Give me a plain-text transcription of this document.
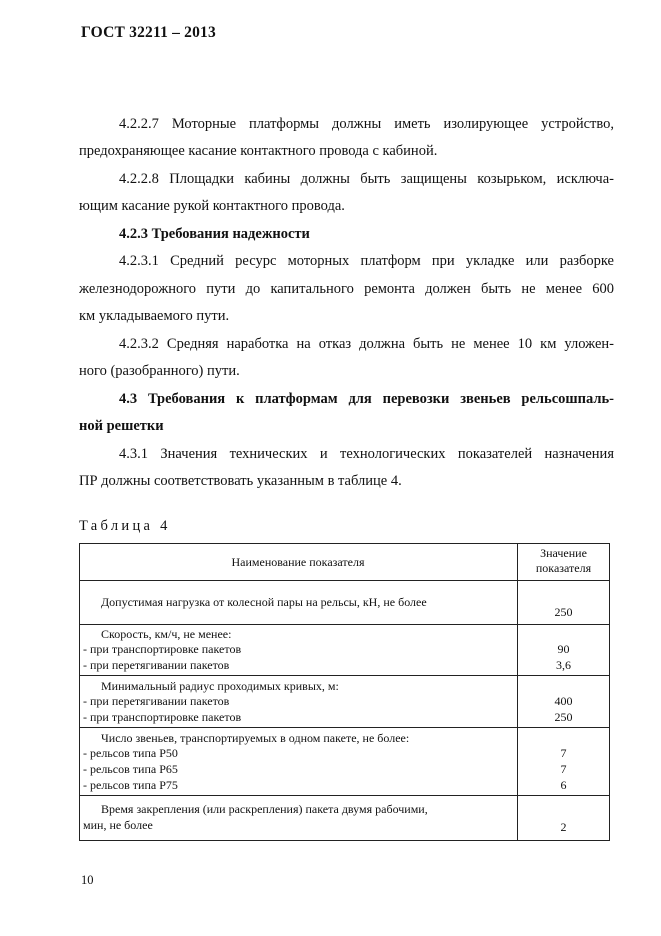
ГОСТ 32211 – 2013
4.2.2.7 Моторные платформы должны иметь изолирующее устройство,
предохраняющее касание контактного провода с кабиной.
4.2.2.8 Площадки кабины должны быть защищены козырьком, исключа-
ющим касание рукой контактного провода.
4.2.3 Требования надежности
4.2.3.1 Средний ресурс моторных платформ при укладке или разборке
железнодорожного пути до капитального ремонта должен быть не менее 600
км укладываемого пути.
4.2.3.2 Средняя наработка на отказ должна быть не менее 10 км уложен-
ного (разобранного) пути.
4.3 Требования к платформам для перевозки звеньев рельсошпаль-
ной решетки
4.3.1 Значения технических и технологических показателей назначения
ПР должны соответствовать указанным в таблице 4.
Таблица 4
Наименование показателя
Значение
показателя
Допустимая нагрузка от колесной пары на рельсы, кН, не более
250
Скорость, км/ч, не менее:
- при транспортировке пакетов
- при перетягивании пакетов
90
3,6
Минимальный радиус проходимых кривых, м:
- при перетягивании пакетов
- при транспортировке пакетов
400
250
Число звеньев, транспортируемых в одном пакете, не более:
- рельсов типа Р50
- рельсов типа Р65
- рельсов типа Р75
7
7
6
Время закрепления (или раскрепления) пакета двумя рабочими,
мин, не более	2
10
